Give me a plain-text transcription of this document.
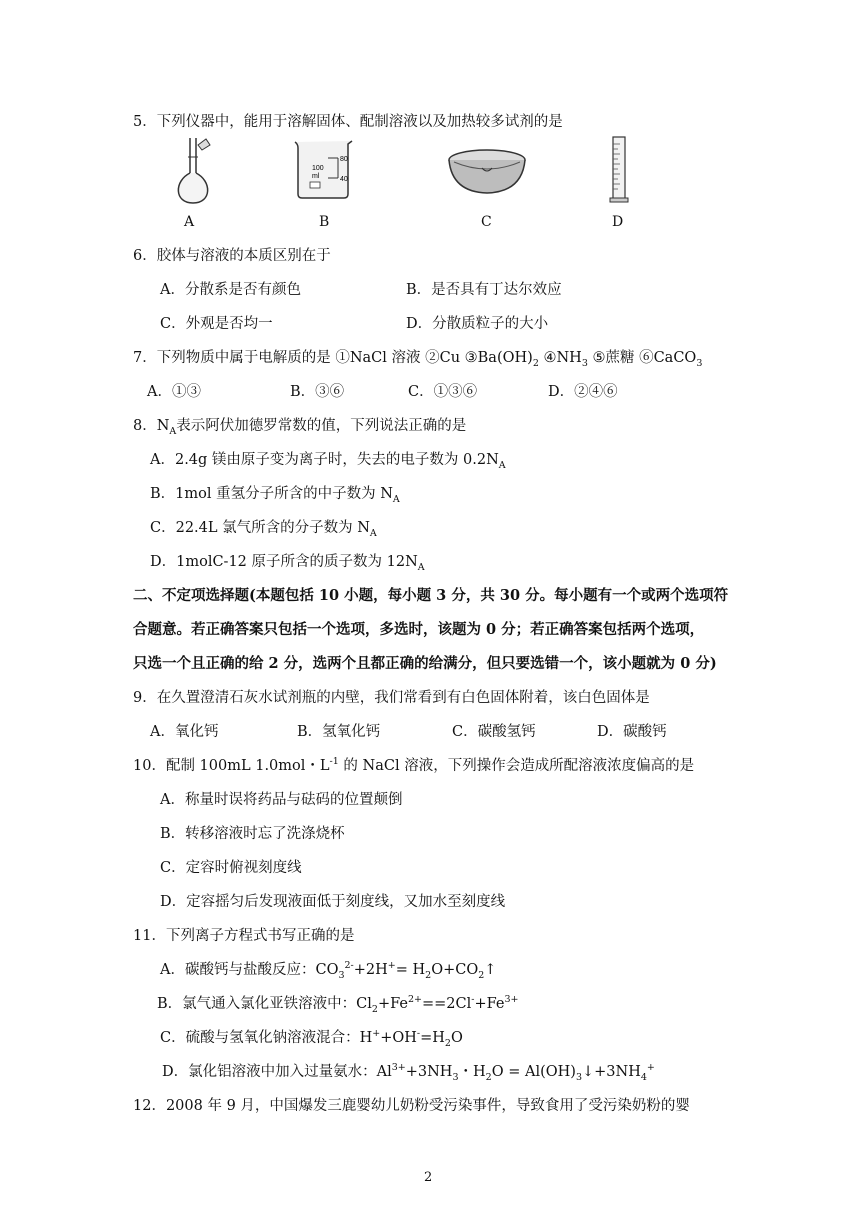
5．下列仪器中，能用于溶解固体、配制溶液以及加热较多试剂的是
80
40
100
ml
A	B	C	D
6．胶体与溶液的本质区别在于
A．分散系是否有颜色	B．是否具有丁达尔效应
C．外观是否均一	D．分散质粒子的大小
7．下列物质中属于电解质的是 ①NaCl 溶液 ②Cu $③Ba(OH)_2$ $④NH_3$ ⑤蔗糖 ⑥CaCO$_3$
A．①③	B．③⑥	C．①③⑥	D．②④⑥
8．$N_A$表示阿伏加德罗常数的值，下列说法正确的是
A．2.4g 镁由原子变为离子时，失去的电子数为 $0.2N_A$
B．1mol 重氢分子所含的中子数为 $N_A$
C．22.4L 氯气所含的分子数为 $N_A$
D．1molC-12 原子所含的质子数为 $12N_A$
二、不定项选择题(本题包括 10 小题，每小题 3 分，共 30 分。每小题有一个或两个选项符
合题意。若正确答案只包括一个选项，多选时，该题为 0 分；若正确答案包括两个选项，
只选一个且正确的给 2 分，选两个且都正确的给满分，但只要选错一个，该小题就为 0 分)
9．在久置澄清石灰水试剂瓶的内壁，我们常看到有白色固体附着，该白色固体是
A．氧化钙	B．氢氧化钙	C．碳酸氢钙	D．碳酸钙
10．配制 100mL 1.0mol・$L^{-1}$ 的 NaCl 溶液，下列操作会造成所配溶液浓度偏高的是
A．称量时误将药品与砝码的位置颠倒
B．转移溶液时忘了洗涤烧杯
C．定容时俯视刻度线
D．定容摇匀后发现液面低于刻度线，又加水至刻度线
11．下列离子方程式书写正确的是
A．碳酸钙与盐酸反应：$CO_3^{2-}+2H^+=$ $H_2O+CO_2↑$
B．氯气通入氯化亚铁溶液中：$Cl_2+Fe^{2+}==2Cl^-+Fe^{3+}$
C．硫酸与氢氧化钠溶液混合：$H^++OH^-=H_2O$
D．氯化铝溶液中加入过量氨水：$Al^{3+}+3NH_3$・$H_2O$ = $Al(OH)_3↓+3NH_4^+$
12．2008 年 9 月，中国爆发三鹿婴幼儿奶粉受污染事件，导致食用了受污染奶粉的婴
2
